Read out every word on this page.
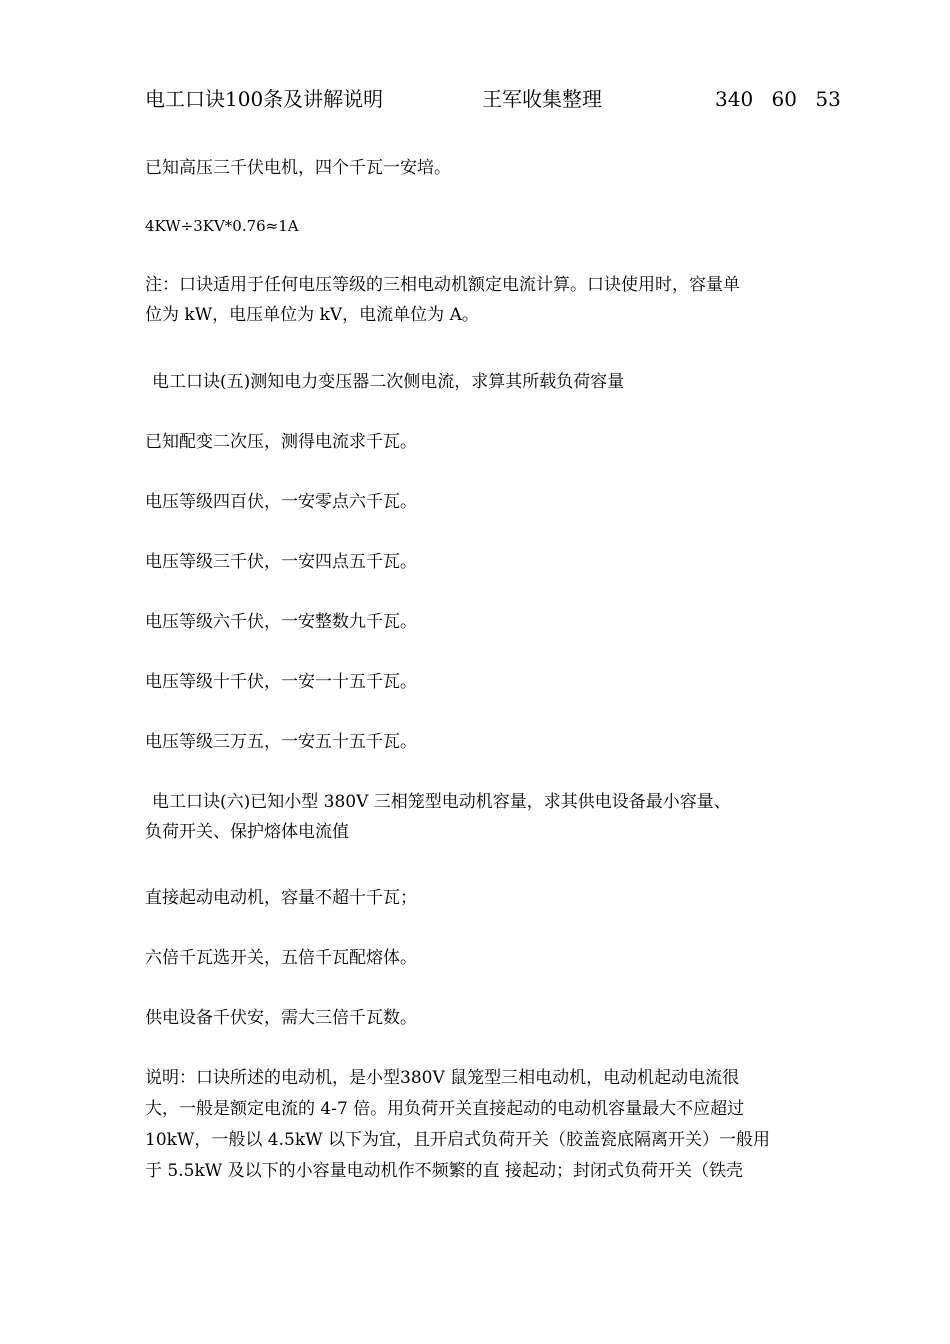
电工口诀100条及讲解说明	王军收集整理	340 60 53
已知高压三千伏电机，四个千瓦一安培。
4KW÷3KV*0.76≈1A
注：口诀适用于任何电压等级的三相电动机额定电流计算。口诀使用时，容量单
位为 kW，电压单位为 kV，电流单位为 A。
电工口诀(五)测知电力变压器二次侧电流，求算其所载负荷容量
已知配变二次压，测得电流求千瓦。
电压等级四百伏，一安零点六千瓦。
电压等级三千伏，一安四点五千瓦。
电压等级六千伏，一安整数九千瓦。
电压等级十千伏，一安一十五千瓦。
电压等级三万五，一安五十五千瓦。
电工口诀(六)已知小型 380V 三相笼型电动机容量，求其供电设备最小容量、
负荷开关、保护熔体电流值
直接起动电动机，容量不超十千瓦；
六倍千瓦选开关，五倍千瓦配熔体。
供电设备千伏安，需大三倍千瓦数。
说明：口诀所述的电动机，是小型380V 鼠笼型三相电动机，电动机起动电流很
大，一般是额定电流的 4-7 倍。用负荷开关直接起动的电动机容量最大不应超过
10kW，一般以 4.5kW 以下为宜，且开启式负荷开关（胶盖瓷底隔离开关）一般用
于 5.5kW 及以下的小容量电动机作不频繁的直 接起动；封闭式负荷开关（铁壳
